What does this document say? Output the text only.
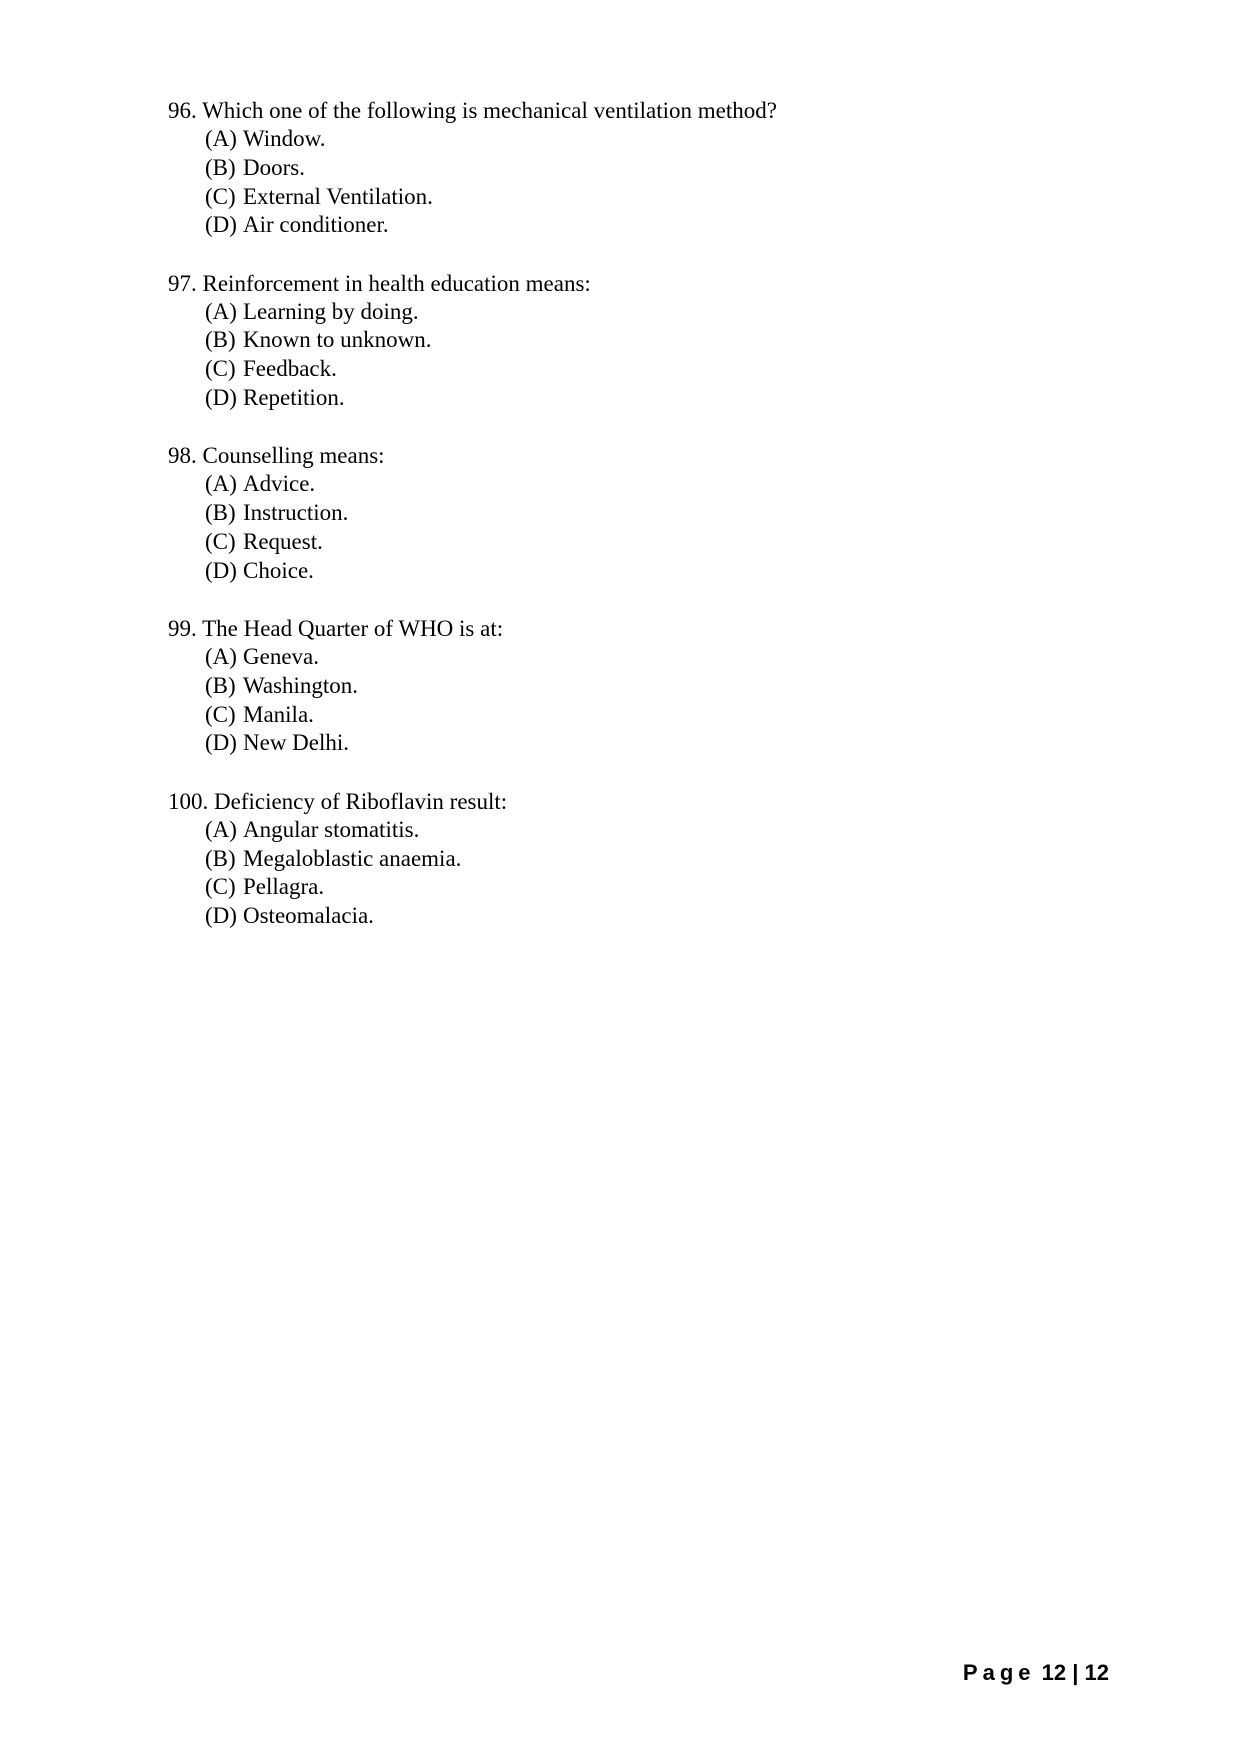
96. Which one of the following is mechanical ventilation method?
(A) Window.
(B) Doors.
(C) External Ventilation.
(D) Air conditioner.
97. Reinforcement in health education means:
(A) Learning by doing.
(B) Known to unknown.
(C) Feedback.
(D) Repetition.
98. Counselling means:
(A) Advice.
(B) Instruction.
(C) Request.
(D) Choice.
99. The Head Quarter of WHO is at:
(A) Geneva.
(B) Washington.
(C) Manila.
(D) New Delhi.
100. Deficiency of Riboflavin result:
(A) Angular stomatitis.
(B) Megaloblastic anaemia.
(C) Pellagra.
(D) Osteomalacia.
Page 12 | 12
